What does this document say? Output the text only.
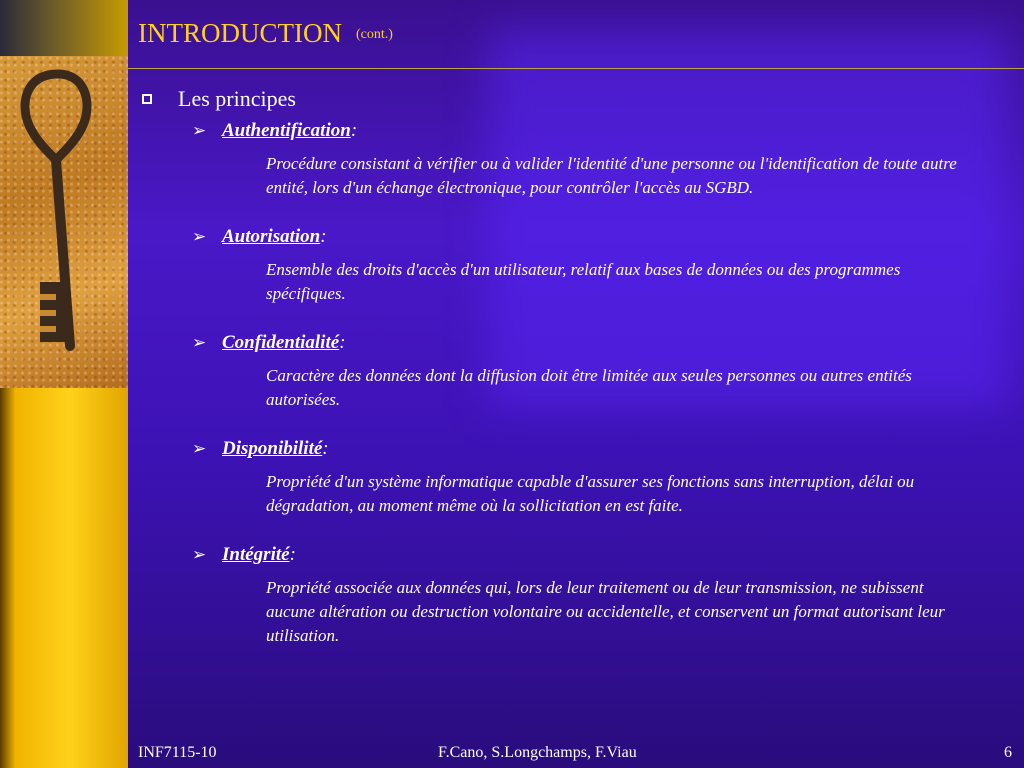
INTRODUCTION (cont.)
Les principes
➢ Authentification:
Procédure consistant à vérifier ou à valider l'identité d'une personne ou l'identification de toute autre entité, lors d'un échange électronique, pour contrôler l'accès au SGBD.
➢ Autorisation:
Ensemble des droits d'accès d'un utilisateur, relatif aux bases de données ou des programmes spécifiques.
➢ Confidentialité:
Caractère des données dont la diffusion doit être limitée aux seules personnes ou autres entités autorisées.
➢ Disponibilité:
Propriété d'un système informatique capable d'assurer ses fonctions sans interruption, délai ou dégradation, au moment même où la sollicitation en est faite.
➢ Intégrité:
Propriété associée aux données qui, lors de leur traitement ou de leur transmission, ne subissent aucune altération ou destruction volontaire ou accidentelle, et conservent un format autorisant leur utilisation.
INF7115-10	F.Cano, S.Longchamps, F.Viau	6
